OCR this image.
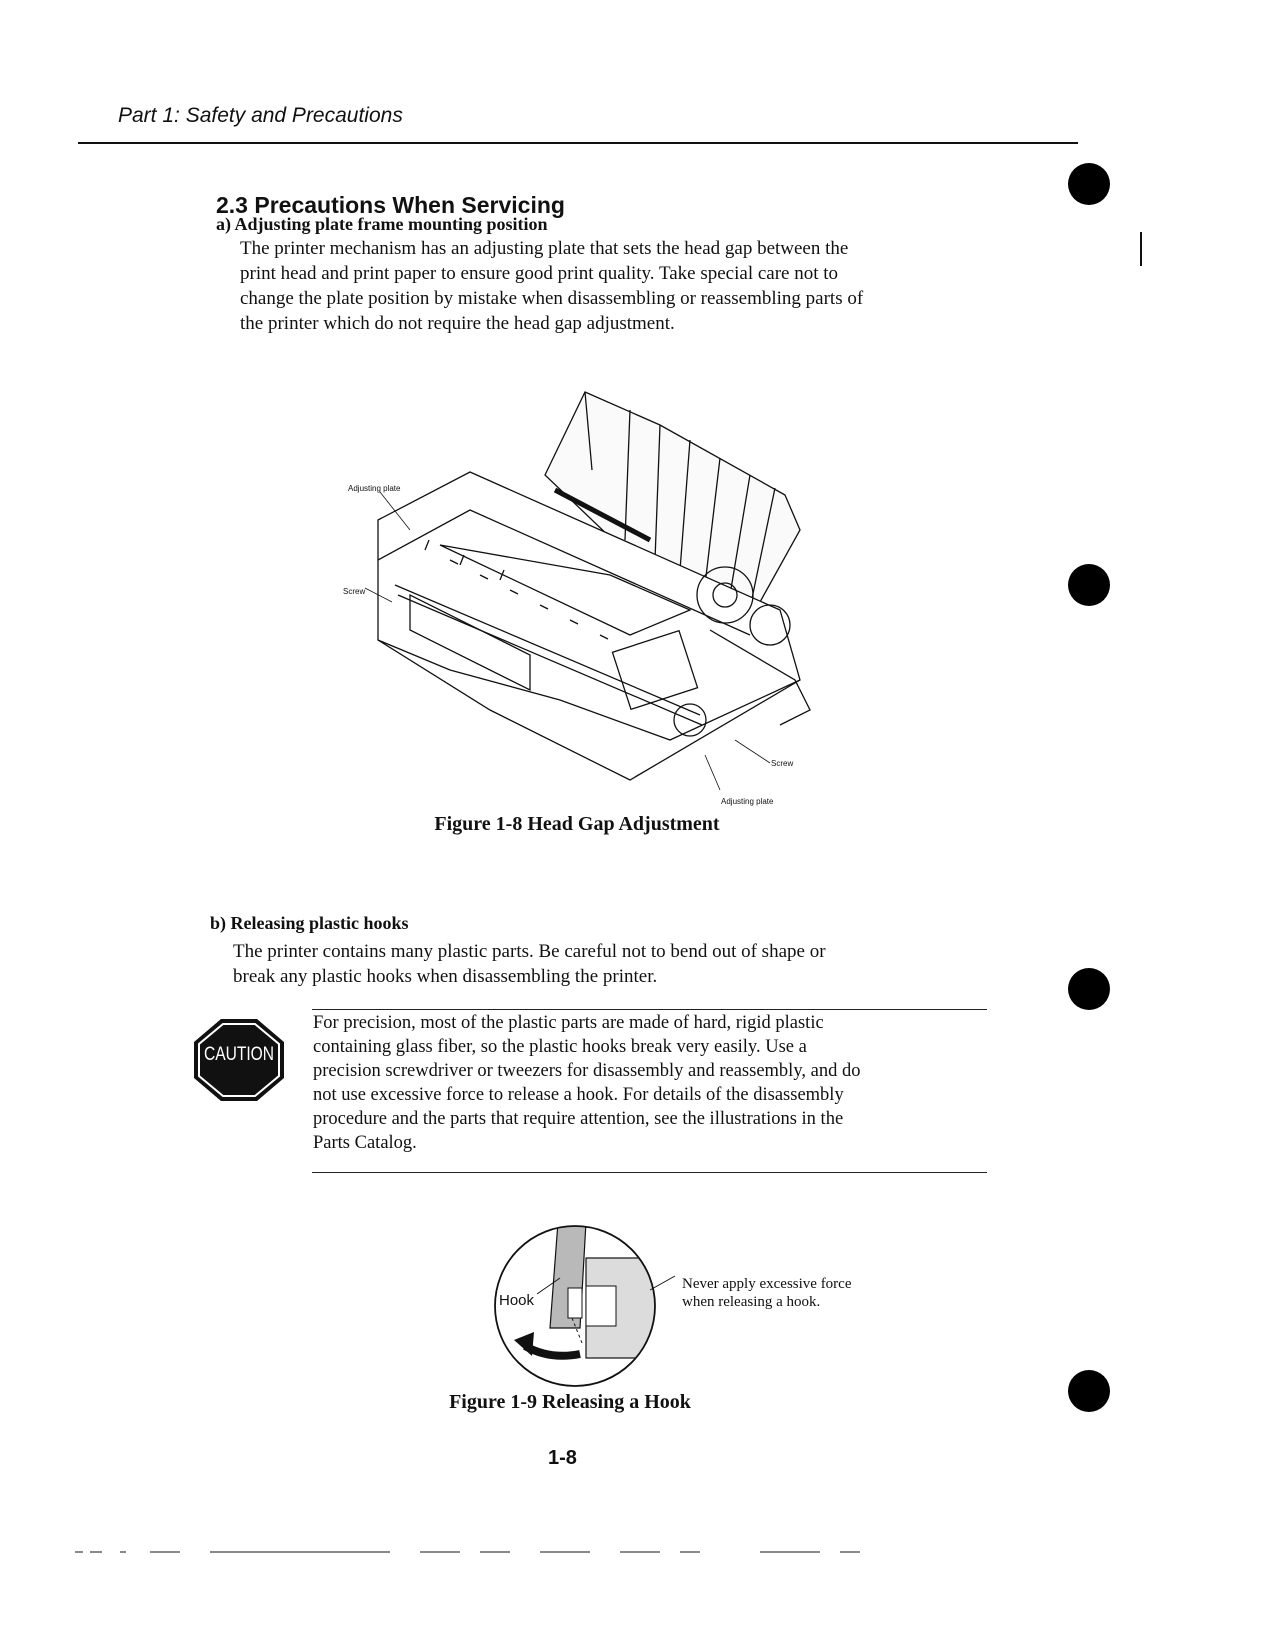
Part 1: Safety and Precautions
2.3 Precautions When Servicing
a) Adjusting plate frame mounting position
The printer mechanism has an adjusting plate that sets the head gap between the
print head and print paper to ensure good print quality. Take special care not to
change the plate position by mistake when disassembling or reassembling parts of
the printer which do not require the head gap adjustment.
Adjusting plate
Screw
Screw
Adjusting plate
Figure 1-8 Head Gap Adjustment
b) Releasing plastic hooks
The printer contains many plastic parts. Be careful not to bend out of shape or
break any plastic hooks when disassembling the printer.
CAUTION
For precision, most of the plastic parts are made of hard, rigid plastic
containing glass fiber, so the plastic hooks break very easily. Use a
precision screwdriver or tweezers for disassembly and reassembly, and do
not use excessive force to release a hook. For details of the disassembly
procedure and the parts that require attention, see the illustrations in the
Parts Catalog.
Hook
Never apply excessive force
when releasing a hook.
Figure 1-9 Releasing a Hook
1-8
